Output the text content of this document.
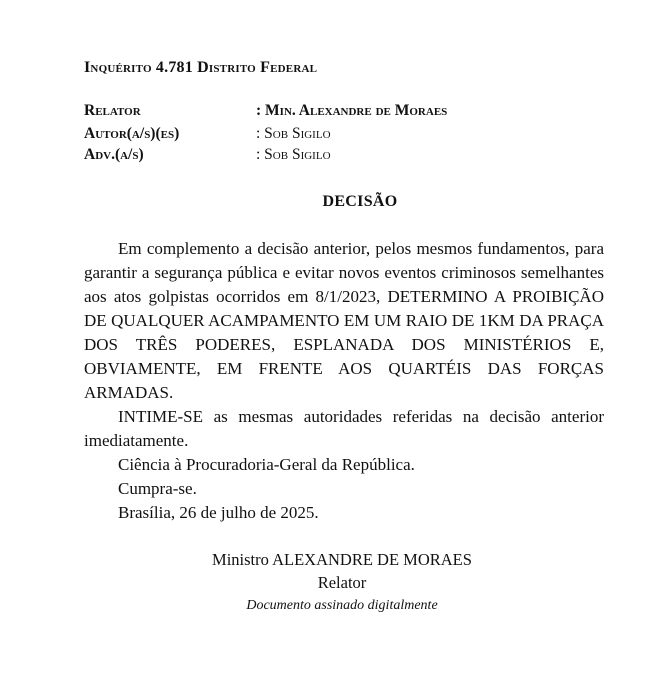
Inquérito 4.781 Distrito Federal
Relator	: Min. Alexandre de Moraes
Autor(a/s)(es)	: Sob Sigilo
Adv.(a/s)	: Sob Sigilo
DECISÃO

Em complemento a decisão anterior, pelos mesmos fundamentos, para garantir a segurança pública e evitar novos eventos criminosos semelhantes aos atos golpistas ocorridos em 8/1/2023, DETERMINO A PROIBIÇÃO DE QUALQUER ACAMPAMENTO EM UM RAIO DE 1KM DA PRAÇA DOS TRÊS PODERES, ESPLANADA DOS MINISTÉRIOS E, OBVIAMENTE, EM FRENTE AOS QUARTÉIS DAS FORÇAS ARMADAS.

INTIME-SE as mesmas autoridades referidas na decisão anterior imediatamente.

Ciência à Procuradoria-Geral da República.

Cumpra-se.

Brasília, 26 de julho de 2025.

Ministro ALEXANDRE DE MORAES
Relator
Documento assinado digitalmente
